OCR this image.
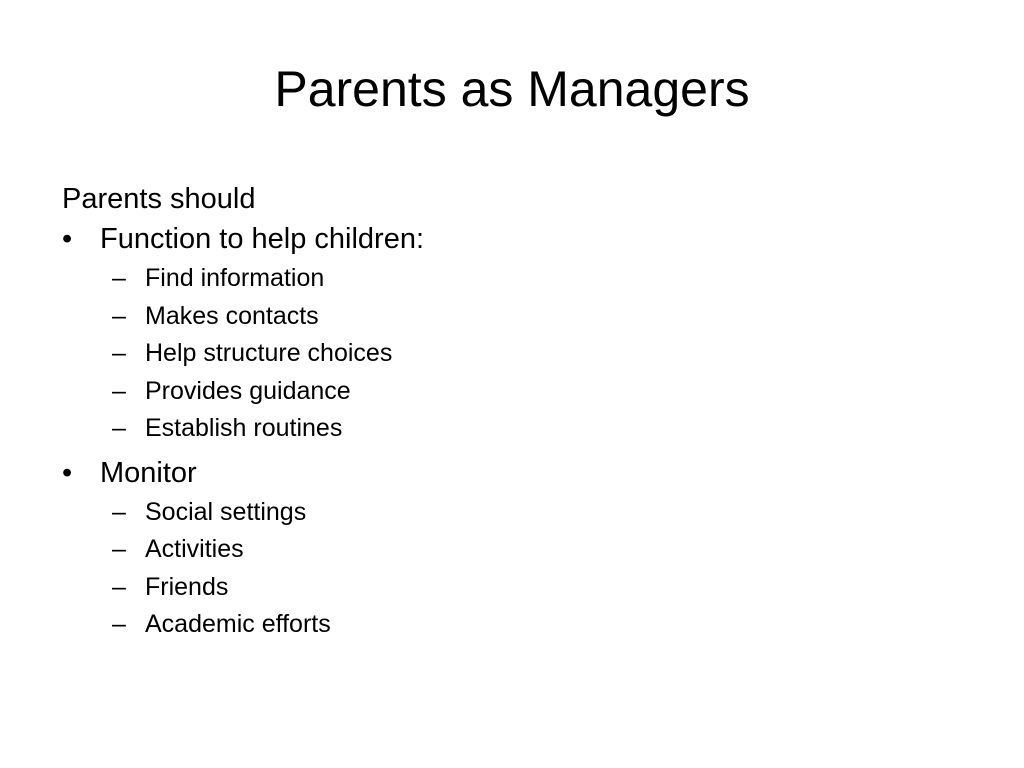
Parents as Managers
Parents should
• Function to help children:
– Find information
– Makes contacts
– Help structure choices
– Provides guidance
– Establish routines
• Monitor
– Social settings
– Activities
– Friends
– Academic efforts
